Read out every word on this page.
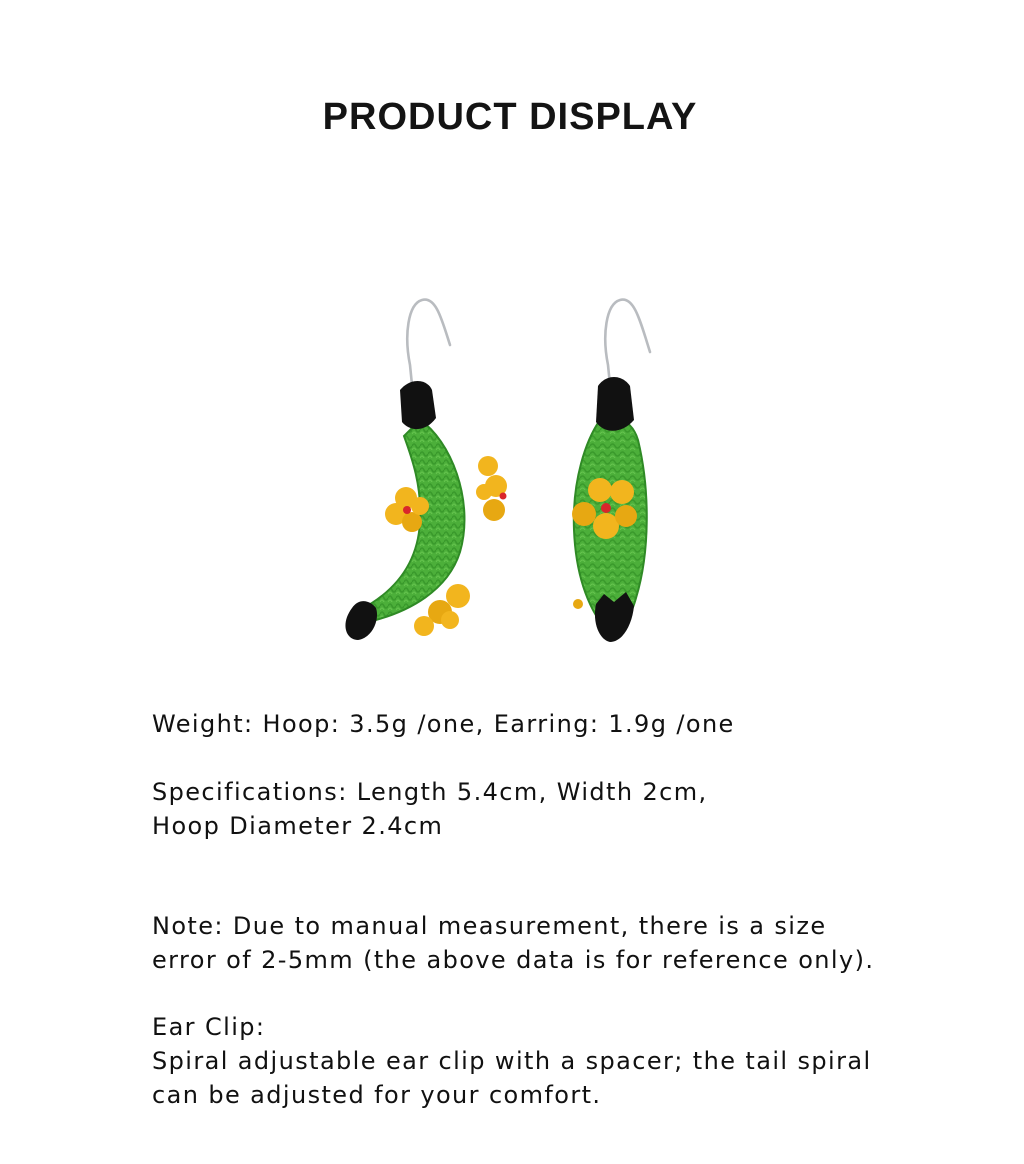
PRODUCT DISPLAY

Weight: Hoop: 3.5g /one, Earring: 1.9g /one

Specifications: Length 5.4cm, Width 2cm,
Hoop Diameter 2.4cm

Note: Due to manual measurement, there is a size
error of 2-5mm (the above data is for reference only).

Ear Clip:
Spiral adjustable ear clip with a spacer; the tail spiral
can be adjusted for your comfort.
